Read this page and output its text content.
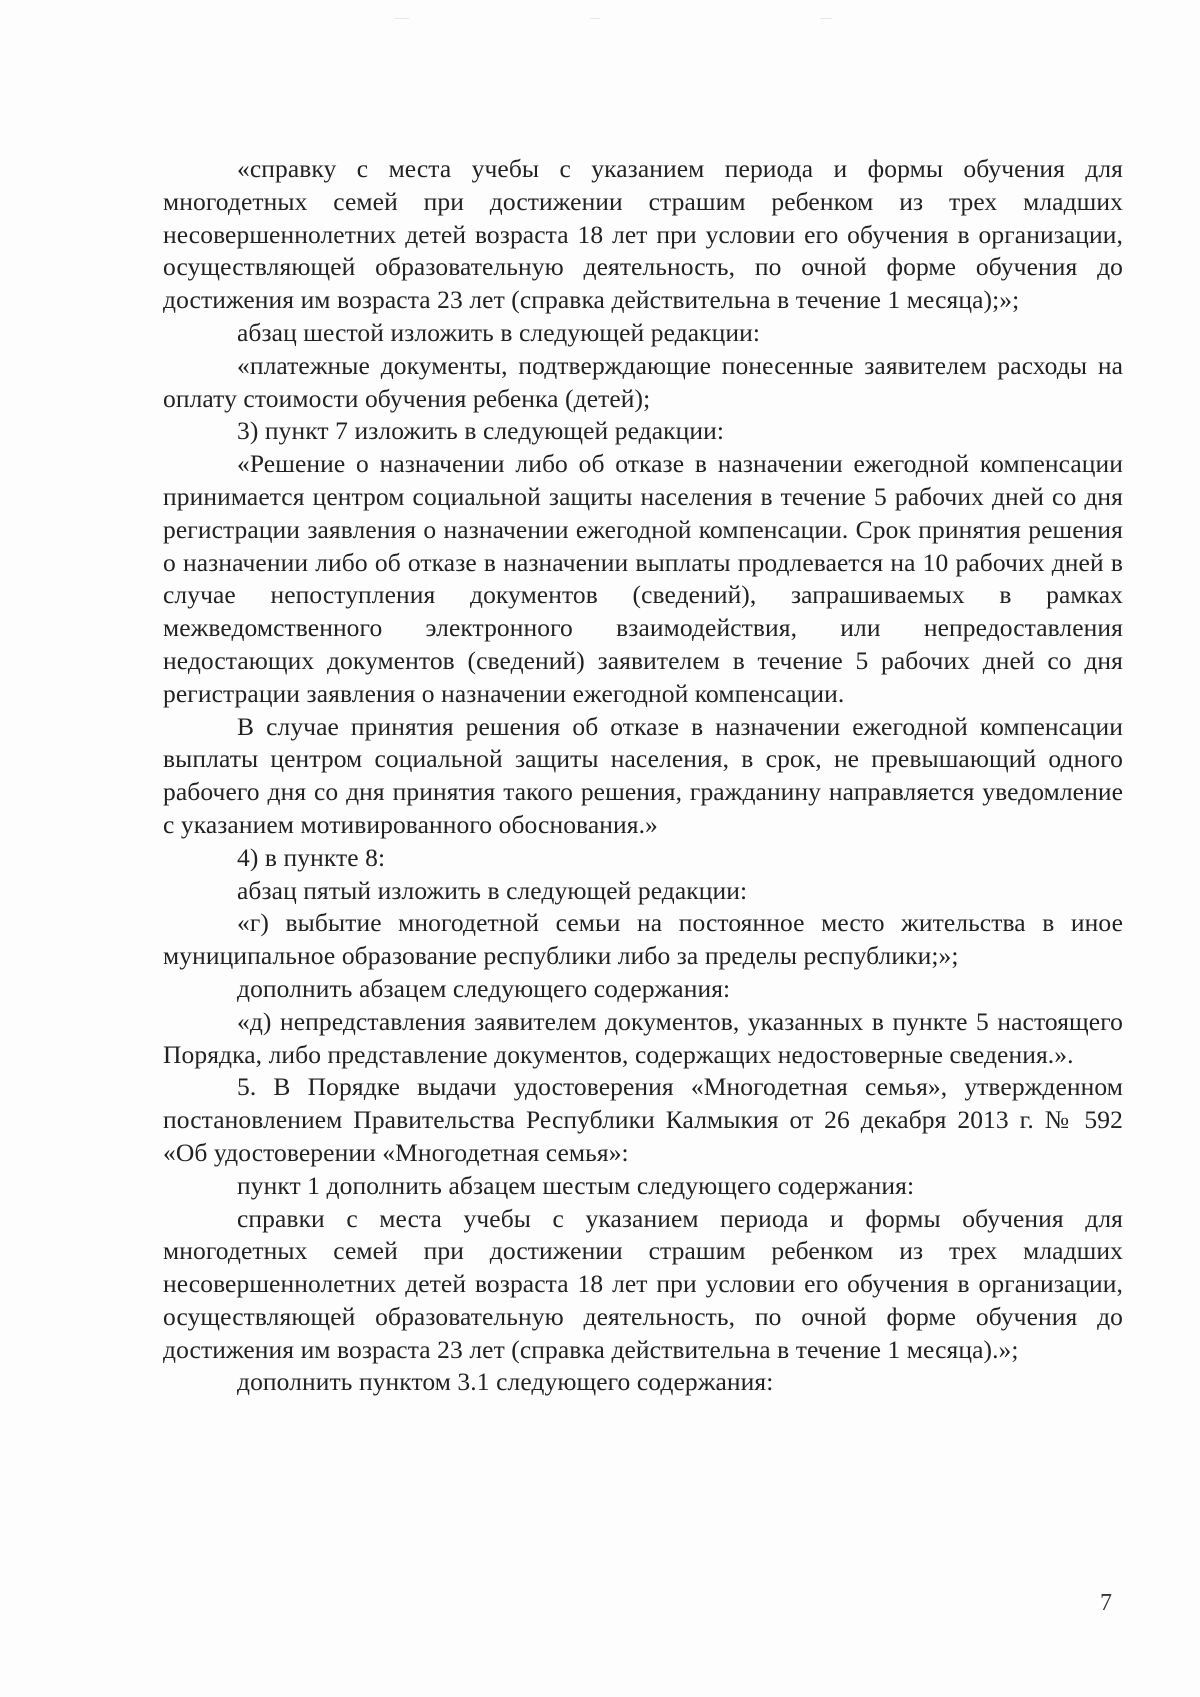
«справку с места учебы с указанием периода и формы обучения для многодетных семей при достижении страшим ребенком из трех младших несовершеннолетних детей возраста 18 лет при условии его обучения в организации, осуществляющей образовательную деятельность, по очной форме обучения до достижения им возраста 23 лет (справка действительна в течение 1 месяца);»;

абзац шестой изложить в следующей редакции:

«платежные документы, подтверждающие понесенные заявителем расходы на оплату стоимости обучения ребенка (детей);

3) пункт 7 изложить в следующей редакции:

«Решение о назначении либо об отказе в назначении ежегодной компенсации принимается центром социальной защиты населения в течение 5 рабочих дней со дня регистрации заявления о назначении ежегодной компенсации. Срок принятия решения о назначении либо об отказе в назначении выплаты продлевается на 10 рабочих дней в случае непоступления документов (сведений), запрашиваемых в рамках межведомственного электронного взаимодействия, или непредоставления недостающих документов (сведений) заявителем в течение 5 рабочих дней со дня регистрации заявления о назначении ежегодной компенсации.

В случае принятия решения об отказе в назначении ежегодной компенсации выплаты центром социальной защиты населения, в срок, не превышающий одного рабочего дня со дня принятия такого решения, гражданину направляется уведомление с указанием мотивированного обоснования.»

4) в пункте 8:

абзац пятый изложить в следующей редакции:

«г) выбытие многодетной семьи на постоянное место жительства в иное муниципальное образование республики либо за пределы республики;»;

дополнить абзацем следующего содержания:

«д) непредставления заявителем документов, указанных в пункте 5 настоящего Порядка, либо представление документов, содержащих недостоверные сведения.».

5. В Порядке выдачи удостоверения «Многодетная семья», утвержденном постановлением Правительства Республики Калмыкия от 26 декабря 2013 г. № 592 «Об удостоверении «Многодетная семья»:

пункт 1 дополнить абзацем шестым следующего содержания:

справки с места учебы с указанием периода и формы обучения для многодетных семей при достижении страшим ребенком из трех младших несовершеннолетних детей возраста 18 лет при условии его обучения в организации, осуществляющей образовательную деятельность, по очной форме обучения до достижения им возраста 23 лет (справка действительна в течение 1 месяца).»;

дополнить пунктом 3.1 следующего содержания:

7
